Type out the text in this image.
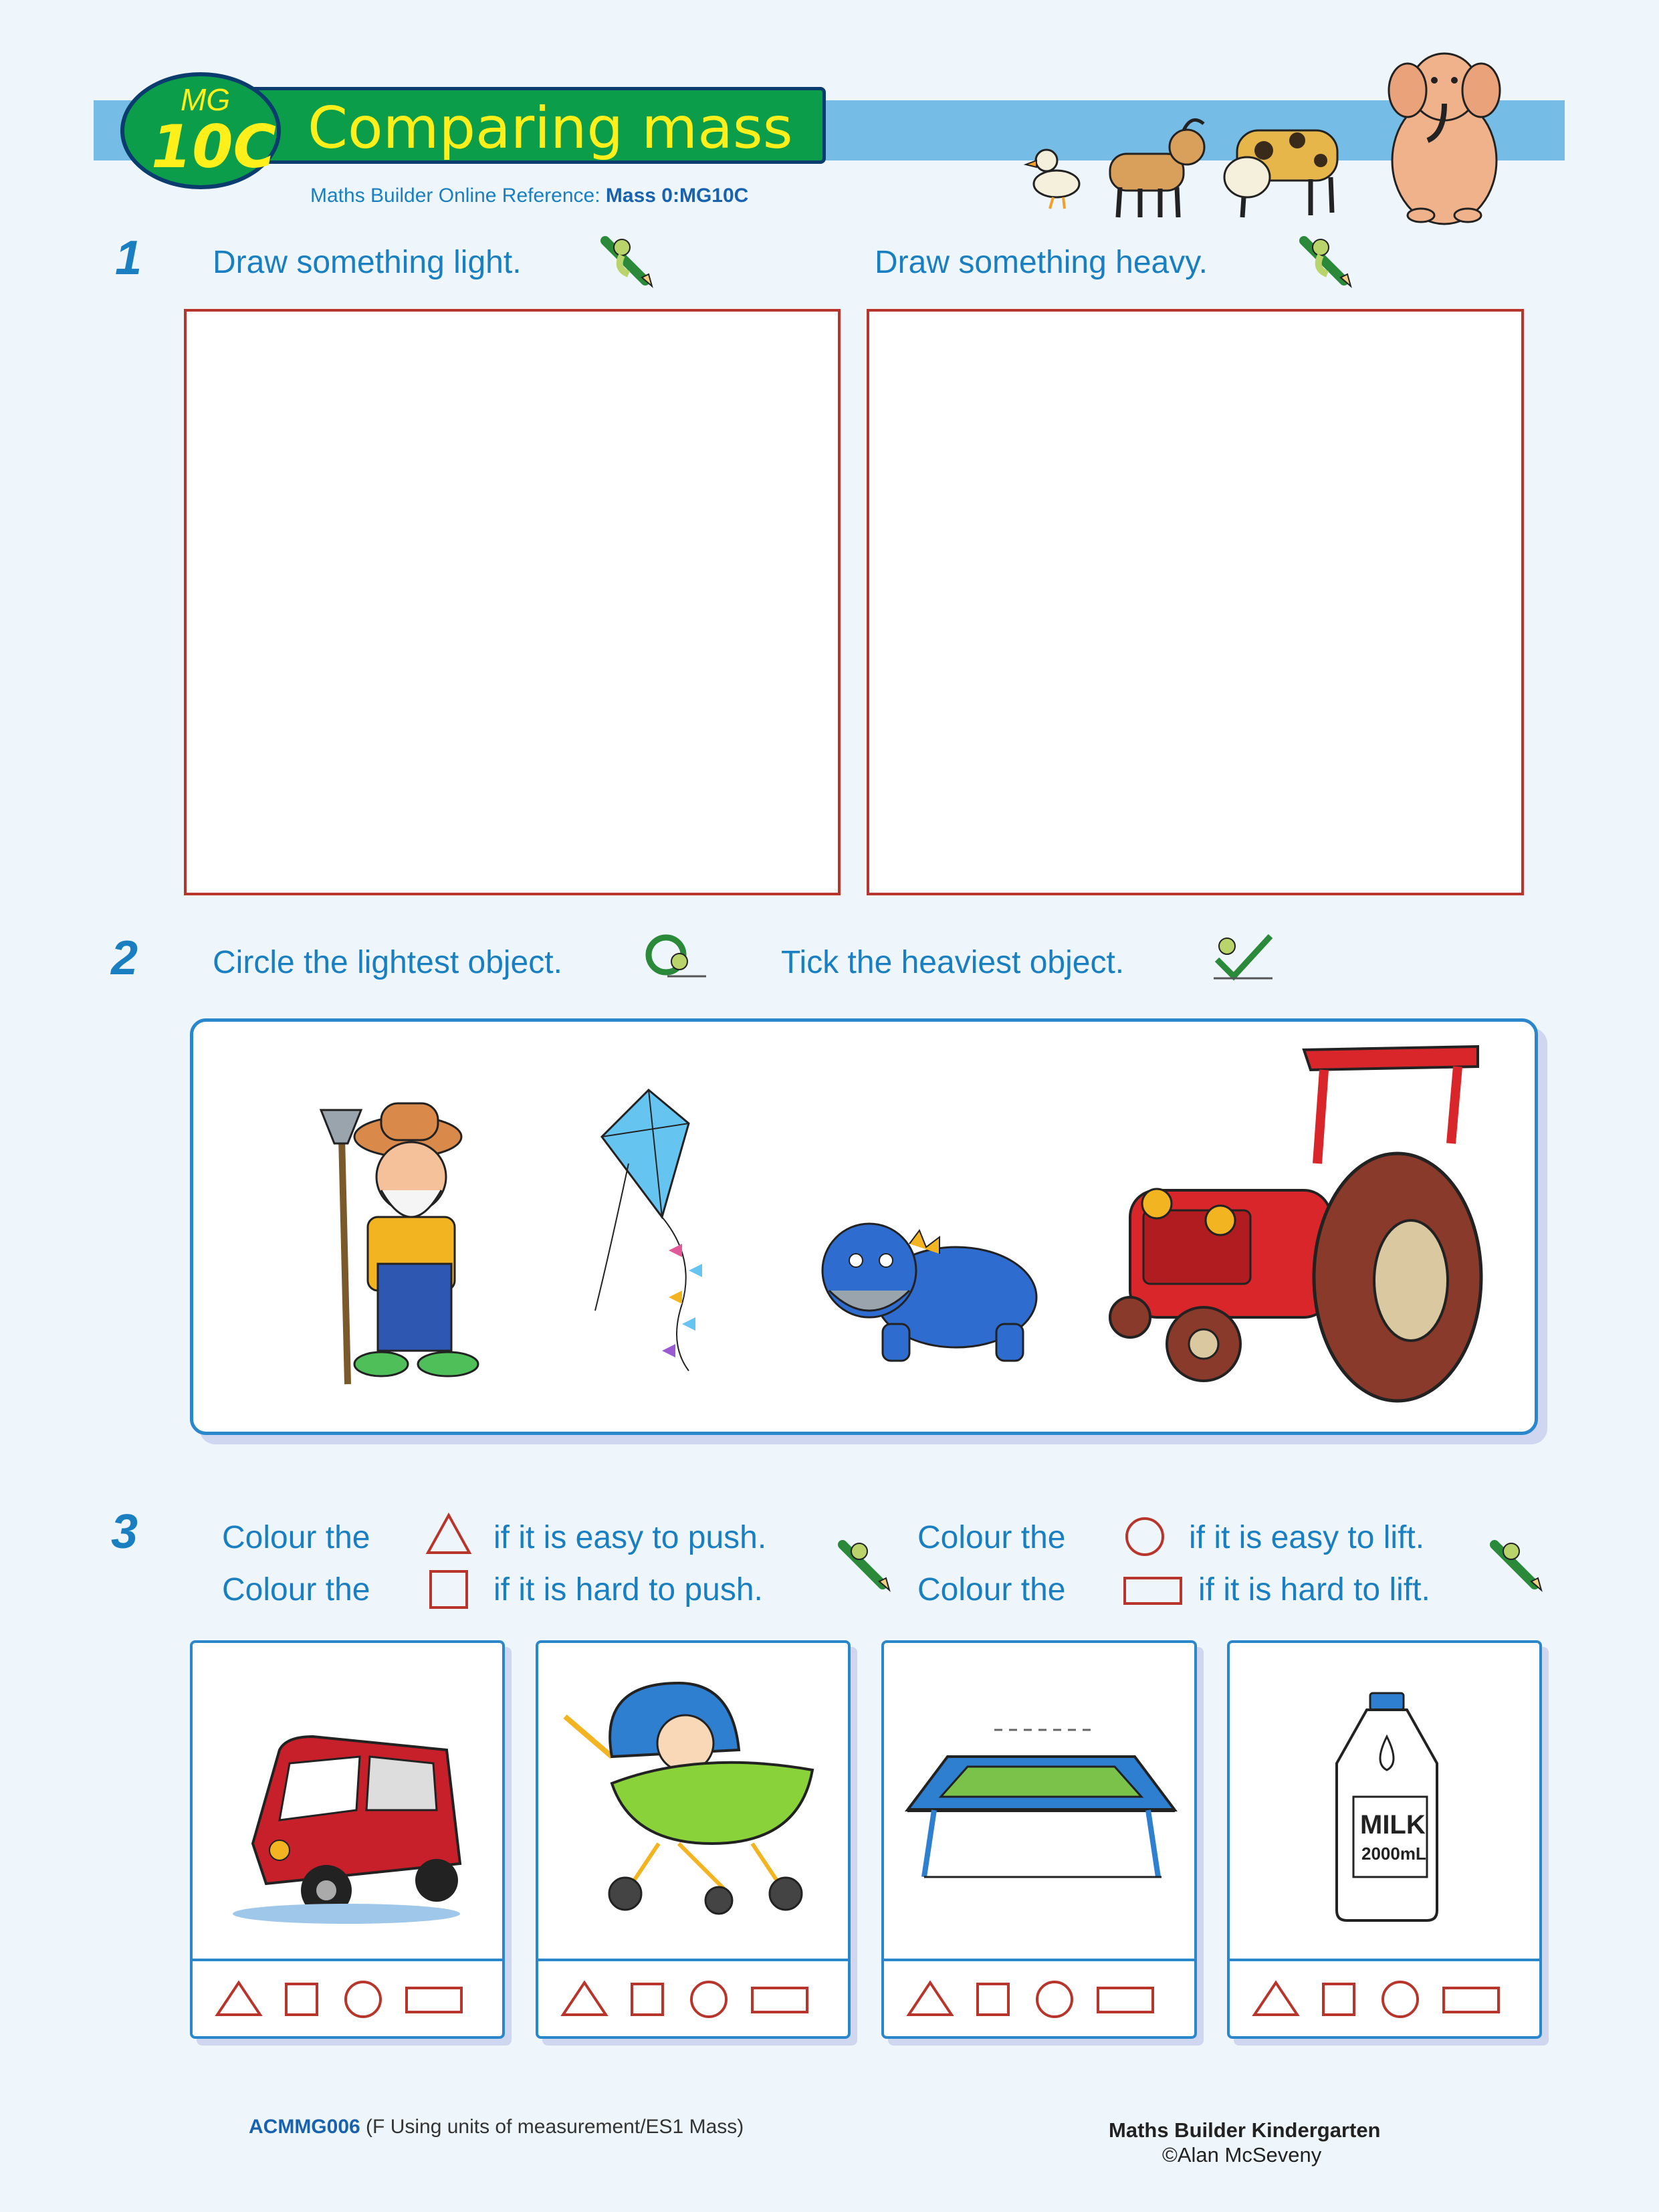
Comparing mass
MG
10C
Maths Builder Online Reference: Mass 0:MG10C
1 Draw something light.	Draw something heavy.
2 Circle the lightest object.	Tick the heaviest object.
3	Colour the	if it is easy to push.
Colour the	if it is hard to push.
Colour the	if it is easy to lift.
Colour the	if it is hard to lift.
MILK
2000mL
ACMMG006 (F Using units of measurement/ES1 Mass)	Maths Builder Kindergarten
©Alan McSeveny
